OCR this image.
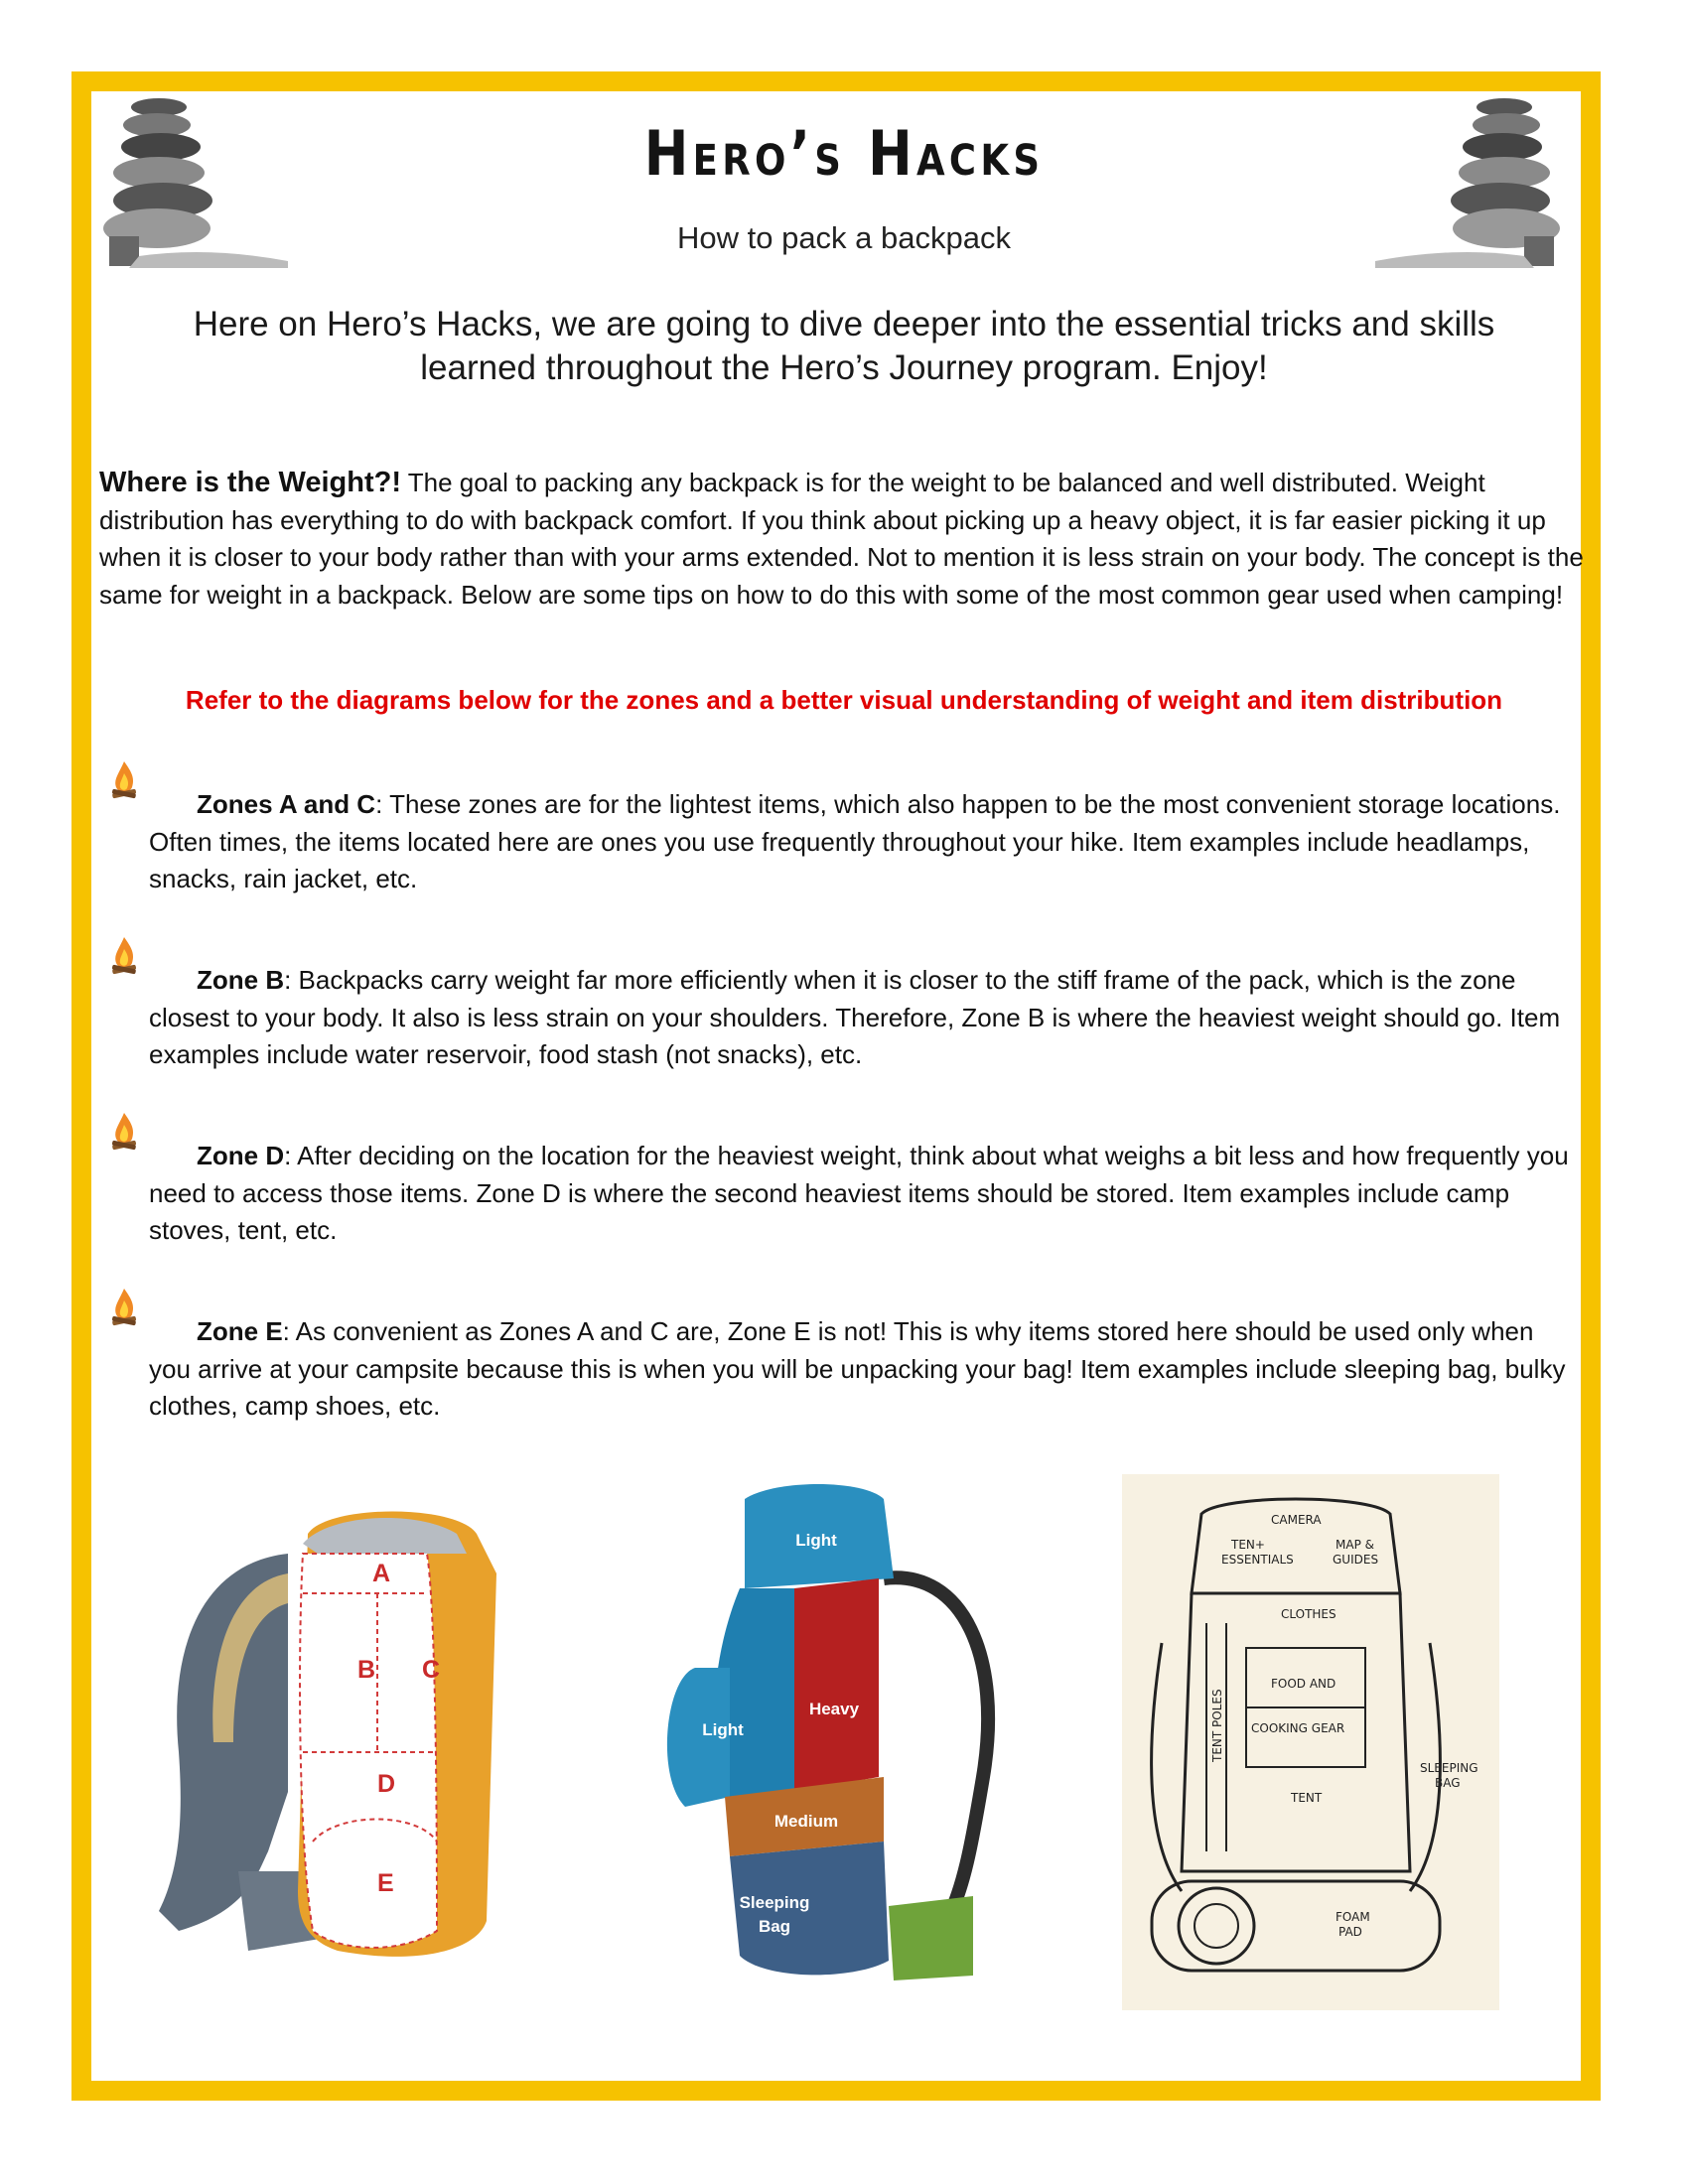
Hero’s Hacks
How to pack a backpack
Here on Hero’s Hacks, we are going to dive deeper into the essential tricks and skills learned throughout the Hero’s Journey program. Enjoy!
Where is the Weight?! The goal to packing any backpack is for the weight to be balanced and well distributed. Weight distribution has everything to do with backpack comfort. If you think about picking up a heavy object, it is far easier picking it up when it is closer to your body rather than with your arms extended. Not to mention it is less strain on your body. The concept is the same for weight in a backpack. Below are some tips on how to do this with some of the most common gear used when camping!
Refer to the diagrams below for the zones and a better visual understanding of weight and item distribution
Zones A and C: These zones are for the lightest items, which also happen to be the most convenient storage locations. Often times, the items located here are ones you use frequently throughout your hike. Item examples include headlamps, snacks, rain jacket, etc.
Zone B: Backpacks carry weight far more efficiently when it is closer to the stiff frame of the pack, which is the zone closest to your body. It also is less strain on your shoulders. Therefore, Zone B is where the heaviest weight should go. Item examples include water reservoir, food stash (not snacks), etc.
Zone D: After deciding on the location for the heaviest weight, think about what weighs a bit less and how frequently you need to access those items. Zone D is where the second heaviest items should be stored. Item examples include camp stoves, tent, etc.
Zone E: As convenient as Zones A and C are, Zone E is not! This is why items stored here should be used only when you arrive at your campsite because this is when you will be unpacking your bag! Item examples include sleeping bag, bulky clothes, camp shoes, etc.
A
B C
D
E
Light
Light
Heavy
Medium
Sleeping
Bag
CAMERA
TEN+
ESSENTIALS
MAP &
GUIDES
CLOTHES
FOOD AND
COOKING GEAR
TENT POLES
TENT
SLEEPING
BAG
FOAM
PAD
